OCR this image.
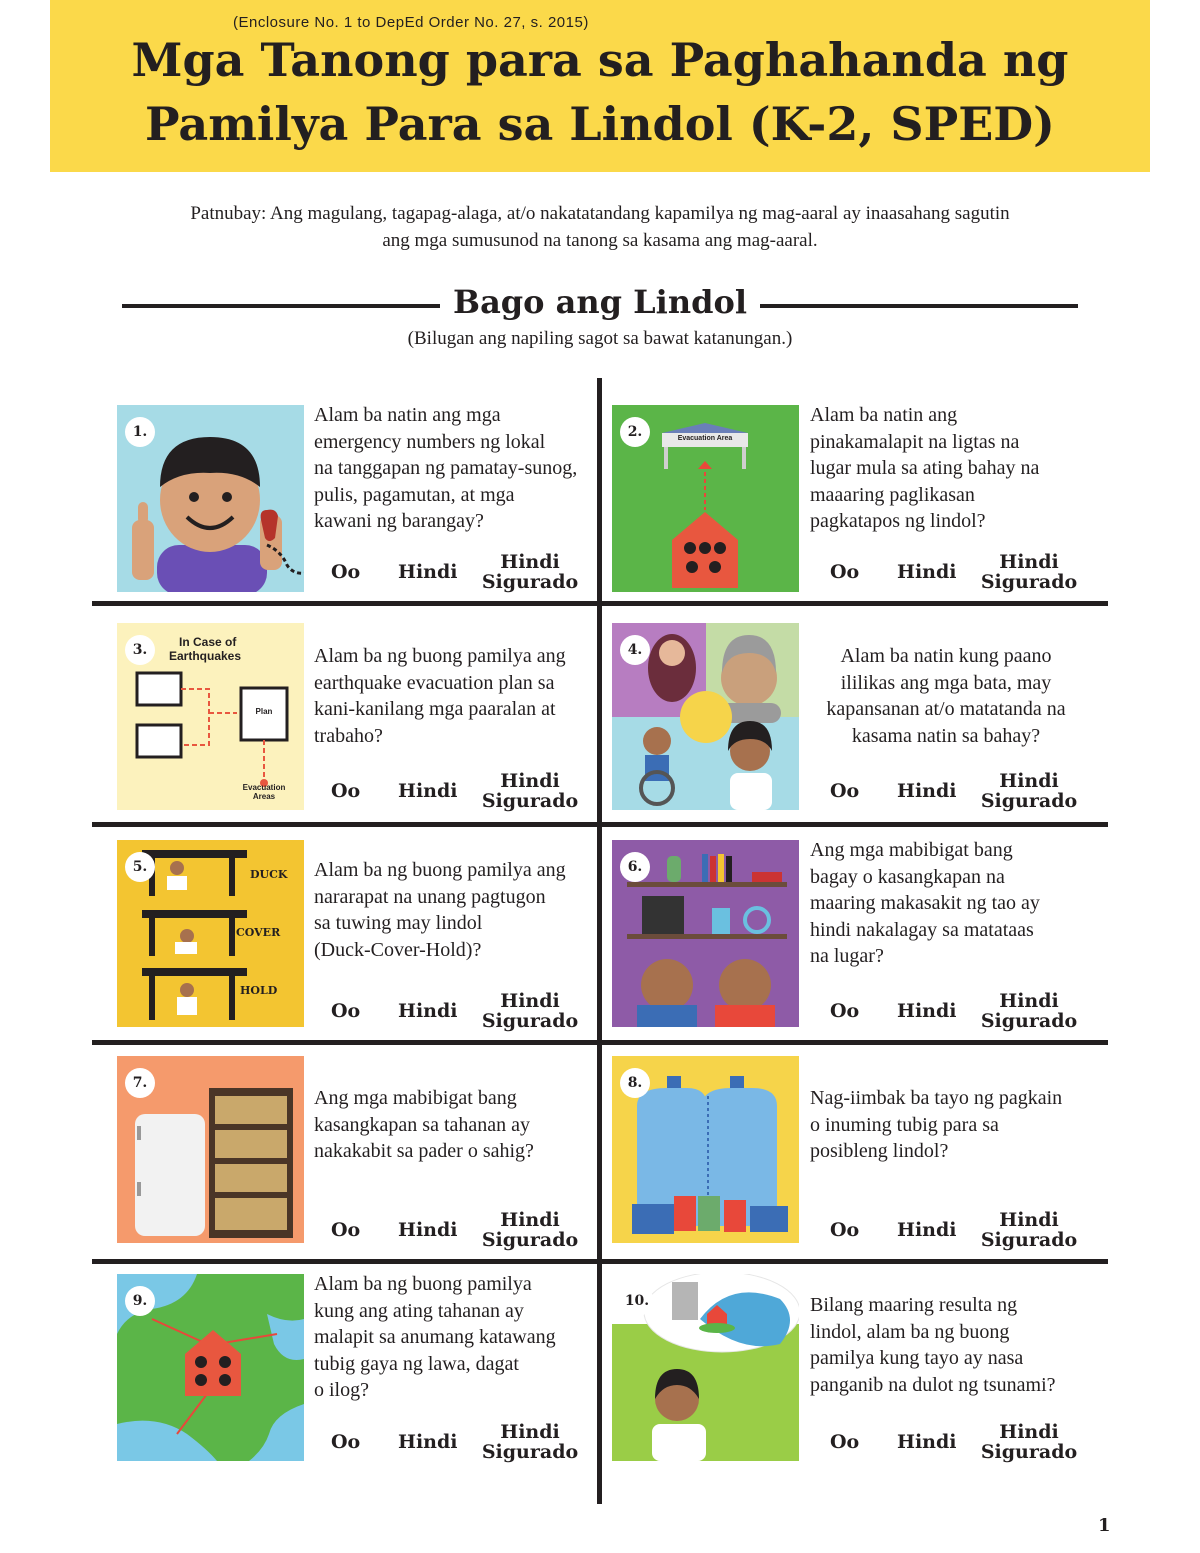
(Enclosure No. 1 to DepEd Order No. 27, s. 2015)
Mga Tanong para sa Paghahanda ng
Pamilya Para sa Lindol (K-2, SPED)
Patnubay: Ang magulang, tagapag-alaga, at/o nakatatandang kapamilya ng mag-aaral ay inaasahang sagutin
ang mga sumusunod na tanong sa kasama ang mag-aaral.
Bago ang Lindol
(Bilugan ang napiling sagot sa bawat katanungan.)
1.
Alam ba natin ang mga
emergency numbers ng lokal
na tanggapan ng pamatay-sunog,
pulis, pagamutan, at mga
kawani ng barangay?
Oo Hindi	Hindi
Sigurado
2.	Evacuation Area
Alam ba natin ang
pinakamalapit na ligtas na
lugar mula sa ating bahay na
maaaring paglikasan
pagkatapos ng lindol?
Oo Hindi	Hindi
Sigurado
3.	In Case of
Earthquakes
Plan
Evacuation
Areas
Alam ba ng buong pamilya ang
earthquake evacuation plan sa
kani-kanilang mga paaralan at
trabaho?
Oo Hindi	Hindi
Sigurado
4.	Alam ba natin kung paano
ililikas ang mga bata, may
kapansanan at/o matatanda na
kasama natin sa bahay?
Oo Hindi	Hindi
Sigurado
5.	DUCK
COVER
HOLD
Alam ba ng buong pamilya ang
nararapat na unang pagtugon
sa tuwing may lindol
(Duck-Cover-Hold)?
Oo Hindi	Hindi
Sigurado
6.
Ang mga mabibigat bang
bagay o kasangkapan na
maaring makasakit ng tao ay
hindi nakalagay sa matataas
na lugar?
Oo Hindi	Hindi
Sigurado
7.
Ang mga mabibigat bang
kasangkapan sa tahanan ay
nakakabit sa pader o sahig?
Oo Hindi	Hindi
Sigurado
8.
Nag-iimbak ba tayo ng pagkain
o inuming tubig para sa
posibleng lindol?
Oo Hindi	Hindi
Sigurado
9.
Alam ba ng buong pamilya
kung ang ating tahanan ay
malapit sa anumang katawang
tubig gaya ng lawa, dagat
o ilog?
Oo Hindi	Hindi
Sigurado
10.	Bilang maaring resulta ng
lindol, alam ba ng buong
pamilya kung tayo ay nasa
panganib na dulot ng tsunami?
Oo Hindi	Hindi
Sigurado
1
